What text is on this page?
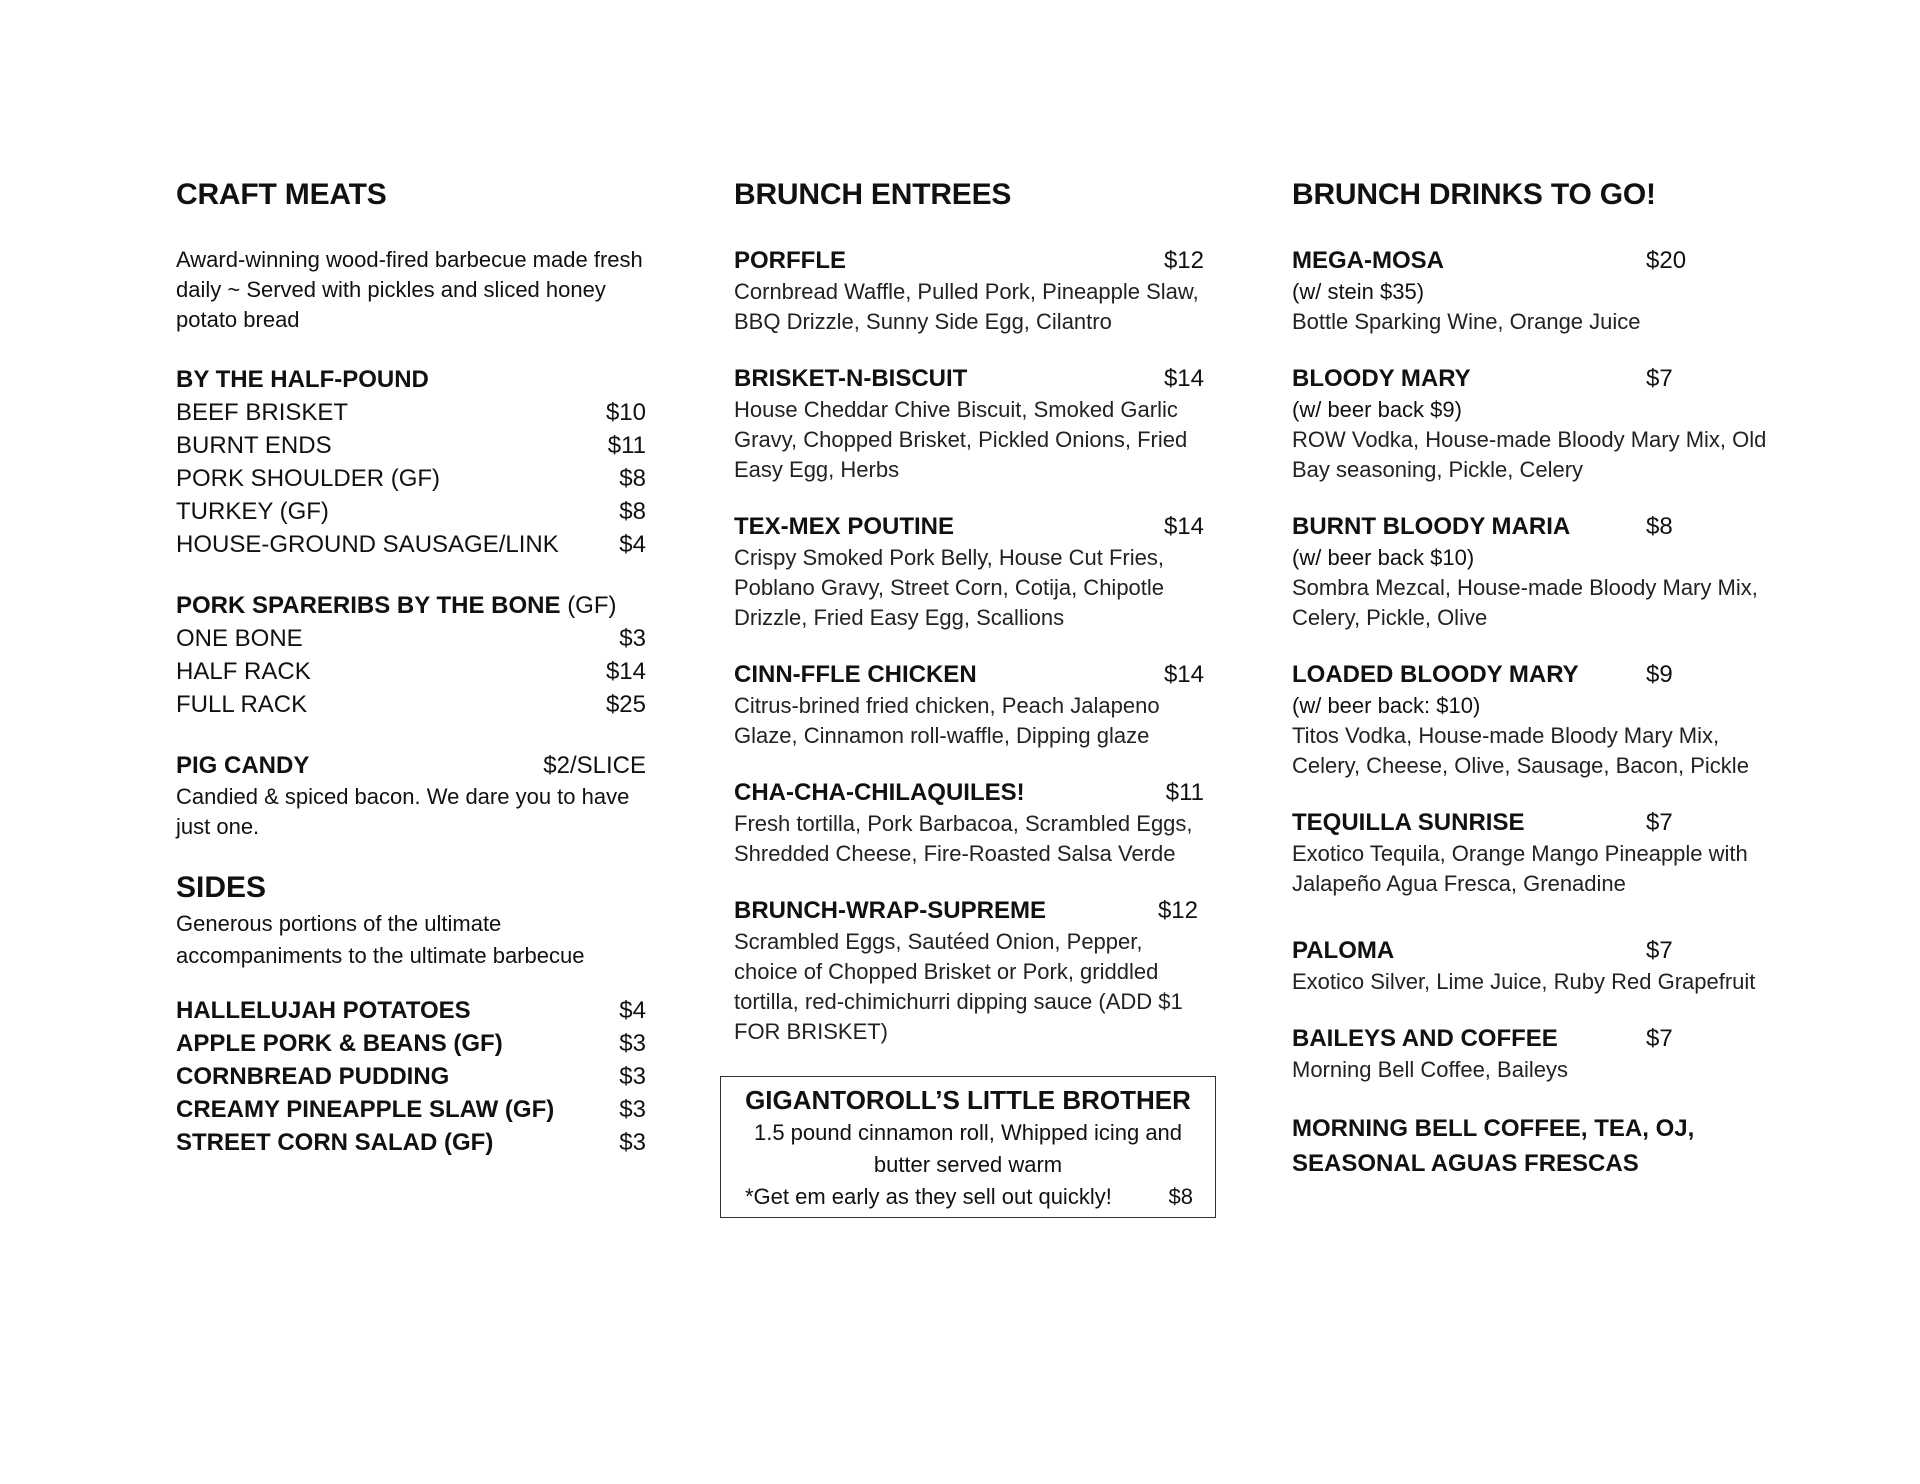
CRAFT MEATS

Award-winning wood-fired barbecue made fresh daily ~ Served with pickles and sliced honey potato bread

BY THE HALF-POUND
BEEF BRISKET	$10
BURNT ENDS	$11
PORK SHOULDER (GF)	$8
TURKEY (GF)	$8
HOUSE-GROUND SAUSAGE/LINK	$4
PORK SPARERIBS BY THE BONE (GF)
ONE BONE	$3
HALF RACK	$14
FULL RACK	$25
PIG CANDY	$2/SLICE

Candied & spiced bacon. We dare you to have just one.

SIDES

Generous portions of the ultimate accompaniments to the ultimate barbecue

HALLELUJAH POTATOES	$4
APPLE PORK & BEANS (GF)	$3
CORNBREAD PUDDING	$3
CREAMY PINEAPPLE SLAW (GF)	$3
STREET CORN SALAD (GF)	$3
BRUNCH ENTREES
PORFFLE	$12
Cornbread Waffle, Pulled Pork, Pineapple Slaw, BBQ Drizzle, Sunny Side Egg, Cilantro
BRISKET-N-BISCUIT	$14
House Cheddar Chive Biscuit, Smoked Garlic Gravy, Chopped Brisket, Pickled Onions, Fried Easy Egg, Herbs
TEX-MEX POUTINE	$14
Crispy Smoked Pork Belly, House Cut Fries, Poblano Gravy, Street Corn, Cotija, Chipotle Drizzle, Fried Easy Egg, Scallions
CINN-FFLE CHICKEN	$14
Citrus-brined fried chicken, Peach Jalapeno Glaze, Cinnamon roll-waffle, Dipping glaze
CHA-CHA-CHILAQUILES!	$11
Fresh tortilla, Pork Barbacoa, Scrambled Eggs, Shredded Cheese, Fire-Roasted Salsa Verde
BRUNCH-WRAP-SUPREME	$12
Scrambled Eggs, Sautéed Onion, Pepper, choice of Chopped Brisket or Pork, griddled tortilla, red-chimichurri dipping sauce (ADD $1 FOR BRISKET)
GIGANTOROLL’S LITTLE BROTHER
1.5 pound cinnamon roll, Whipped icing and
butter served warm
*Get em early as they sell out quickly!	$8
BRUNCH DRINKS TO GO!
MEGA-MOSA	$20
(w/ stein $35)
Bottle Sparking Wine, Orange Juice
BLOODY MARY	$7
(w/ beer back $9)
ROW Vodka, House-made Bloody Mary Mix, Old Bay seasoning, Pickle, Celery
BURNT BLOODY MARIA	$8
(w/ beer back $10)
Sombra Mezcal, House-made Bloody Mary Mix, Celery, Pickle, Olive
LOADED BLOODY MARY	$9
(w/ beer back: $10)
Titos Vodka, House-made Bloody Mary Mix, Celery, Cheese, Olive, Sausage, Bacon, Pickle
TEQUILLA SUNRISE	$7
Exotico Tequila, Orange Mango Pineapple with Jalapeño Agua Fresca, Grenadine
PALOMA	$7
Exotico Silver, Lime Juice, Ruby Red Grapefruit
BAILEYS AND COFFEE	$7
Morning Bell Coffee, Baileys
MORNING BELL COFFEE, TEA, OJ,
SEASONAL AGUAS FRESCAS
